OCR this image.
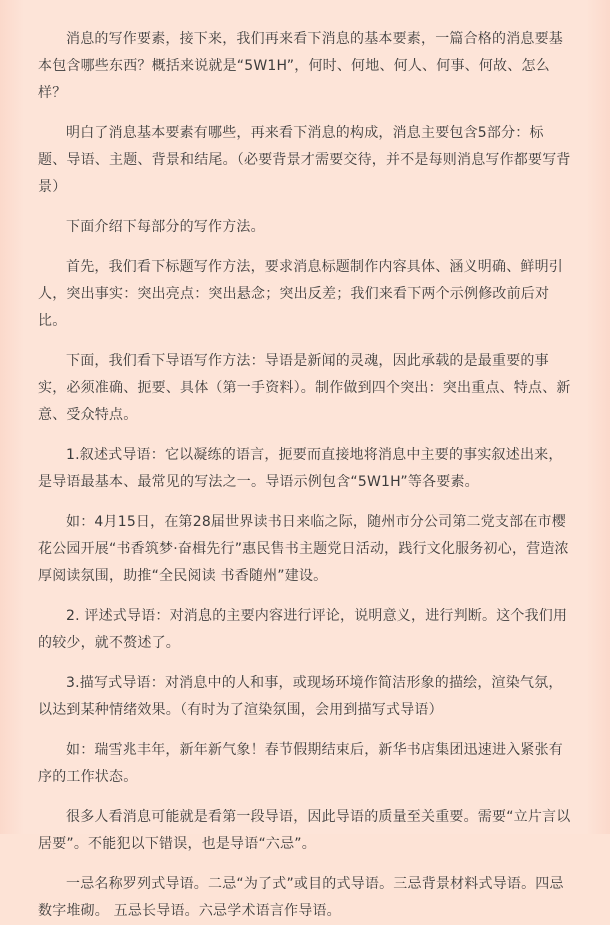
消息的写作要素，接下来，我们再来看下消息的基本要素，一篇合格的消息要基本包含哪些东西？概括来说就是“5W1H”，何时、何地、何人、何事、何故、怎么样？

明白了消息基本要素有哪些，再来看下消息的构成，消息主要包含5部分：标题、导语、主题、背景和结尾。（必要背景才需要交待，并不是每则消息写作都要写背景）

下面介绍下每部分的写作方法。

首先，我们看下标题写作方法，要求消息标题制作内容具体、涵义明确、鲜明引人，突出事实：突出亮点：突出悬念；突出反差；我们来看下两个示例修改前后对比。

下面，我们看下导语写作方法：导语是新闻的灵魂，因此承载的是最重要的事实，必须准确、扼要、具体（第一手资料）。制作做到四个突出：突出重点、特点、新意、受众特点。

1.叙述式导语：它以凝练的语言，扼要而直接地将消息中主要的事实叙述出来，是导语最基本、最常见的写法之一。导语示例包含“5W1H”等各要素。

如：4月15日，在第28届世界读书日来临之际，随州市分公司第二党支部在市樱花公园开展“书香筑梦·奋楫先行”惠民售书主题党日活动，践行文化服务初心，营造浓厚阅读氛围，助推“全民阅读 书香随州”建设。

2. 评述式导语：对消息的主要内容进行评论，说明意义，进行判断。这个我们用的较少，就不赘述了。

3.描写式导语：对消息中的人和事，或现场环境作简洁形象的描绘，渲染气氛，以达到某种情绪效果。（有时为了渲染氛围，会用到描写式导语）

如：瑞雪兆丰年，新年新气象！春节假期结束后，新华书店集团迅速进入紧张有序的工作状态。

很多人看消息可能就是看第一段导语，因此导语的质量至关重要。需要“立片言以居要”。不能犯以下错误，也是导语“六忌”。

一忌名称罗列式导语。二忌“为了式”或目的式导语。三忌背景材料式导语。四忌数字堆砌。 五忌长导语。六忌学术语言作导语。
